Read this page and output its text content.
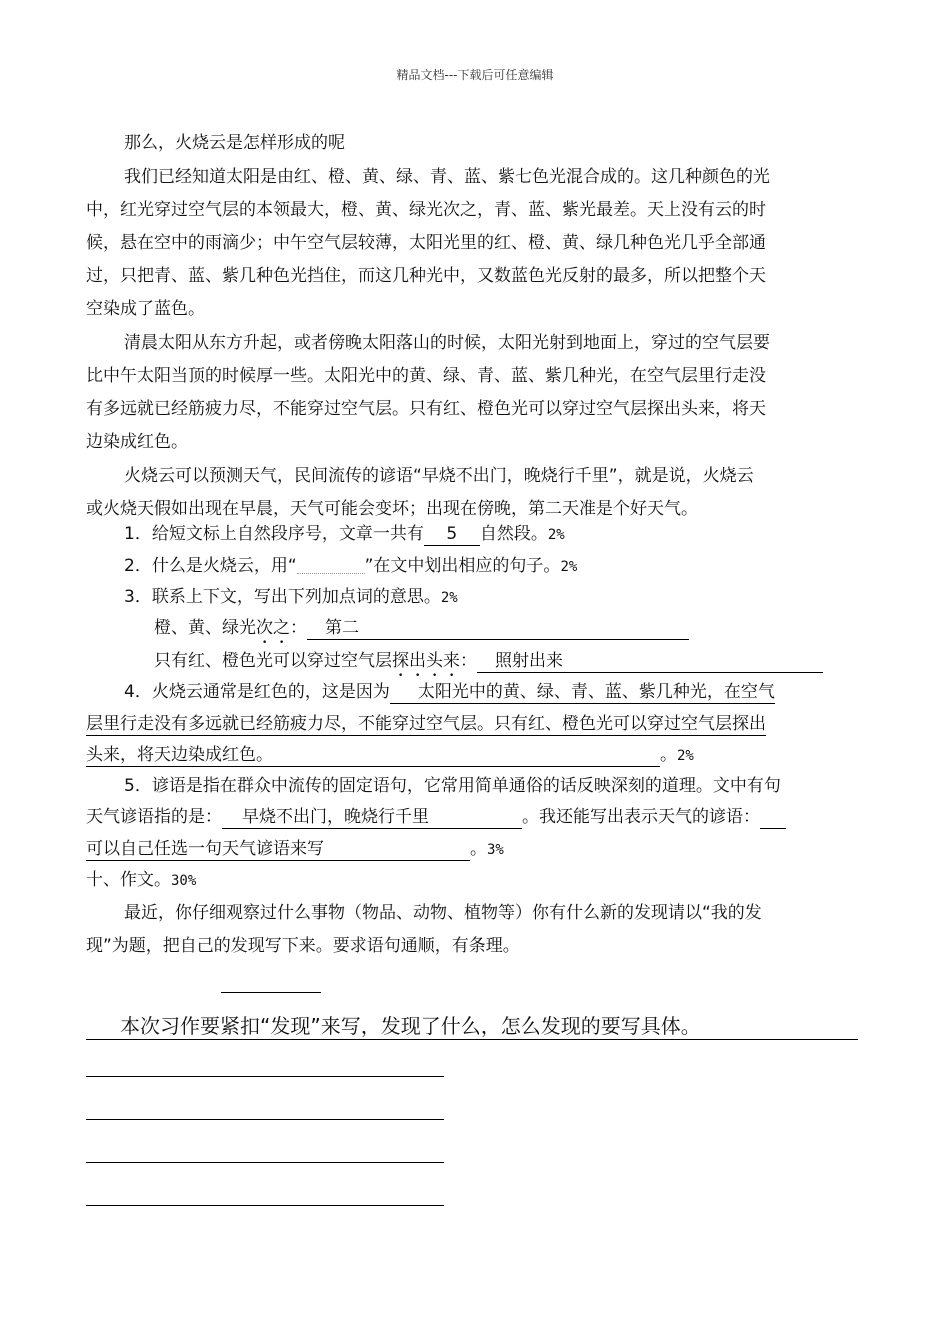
精品文档---下载后可任意编辑
那么，火烧云是怎样形成的呢
我们已经知道太阳是由红、橙、黄、绿、青、蓝、紫七色光混合成的。这几种颜色的光
中，红光穿过空气层的本领最大，橙、黄、绿光次之，青、蓝、紫光最差。天上没有云的时
候，悬在空中的雨滴少；中午空气层较薄，太阳光里的红、橙、黄、绿几种色光几乎全部通
过，只把青、蓝、紫几种色光挡住，而这几种光中，又数蓝色光反射的最多，所以把整个天
空染成了蓝色。
清晨太阳从东方升起，或者傍晚太阳落山的时候，太阳光射到地面上，穿过的空气层要
比中午太阳当顶的时候厚一些。太阳光中的黄、绿、青、蓝、紫几种光，在空气层里行走没
有多远就已经筋疲力尽，不能穿过空气层。只有红、橙色光可以穿过空气层探出头来，将天
边染成红色。
火烧云可以预测天气，民间流传的谚语“早烧不出门，晚烧行千里”，就是说，火烧云
或火烧天假如出现在早晨，天气可能会变坏；出现在傍晚，第二天准是个好天气。
1．给短文标上自然段序号，文章一共有 5 自然段。2%
2．什么是火烧云，用“	”在文中划出相应的句子。2%
3．联系上下文，写出下列加点词的意思。2%
橙、黄、绿光次之： 第二
只有红、橙色光可以穿过空气层探出头来： 照射出来
4．火烧云通常是红色的，这是因为 太阳光中的黄、绿、青、蓝、紫几种光，在空气
层里行走没有多远就已经筋疲力尽，不能穿过空气层。只有红、橙色光可以穿过空气层探出
头来，将天边染成红色。	。2%
5．谚语是指在群众中流传的固定语句，它常用简单通俗的话反映深刻的道理。文中有句
天气谚语指的是： 早烧不出门，晚烧行千里	。我还能写出表示天气的谚语：
可以自己任选一句天气谚语来写	。3%
十、作文。30%
最近，你仔细观察过什么事物（物品、动物、植物等）你有什么新的发现请以“我的发
现”为题，把自己的发现写下来。要求语句通顺，有条理。
本次习作要紧扣“发现”来写，发现了什么，怎么发现的要写具体。
